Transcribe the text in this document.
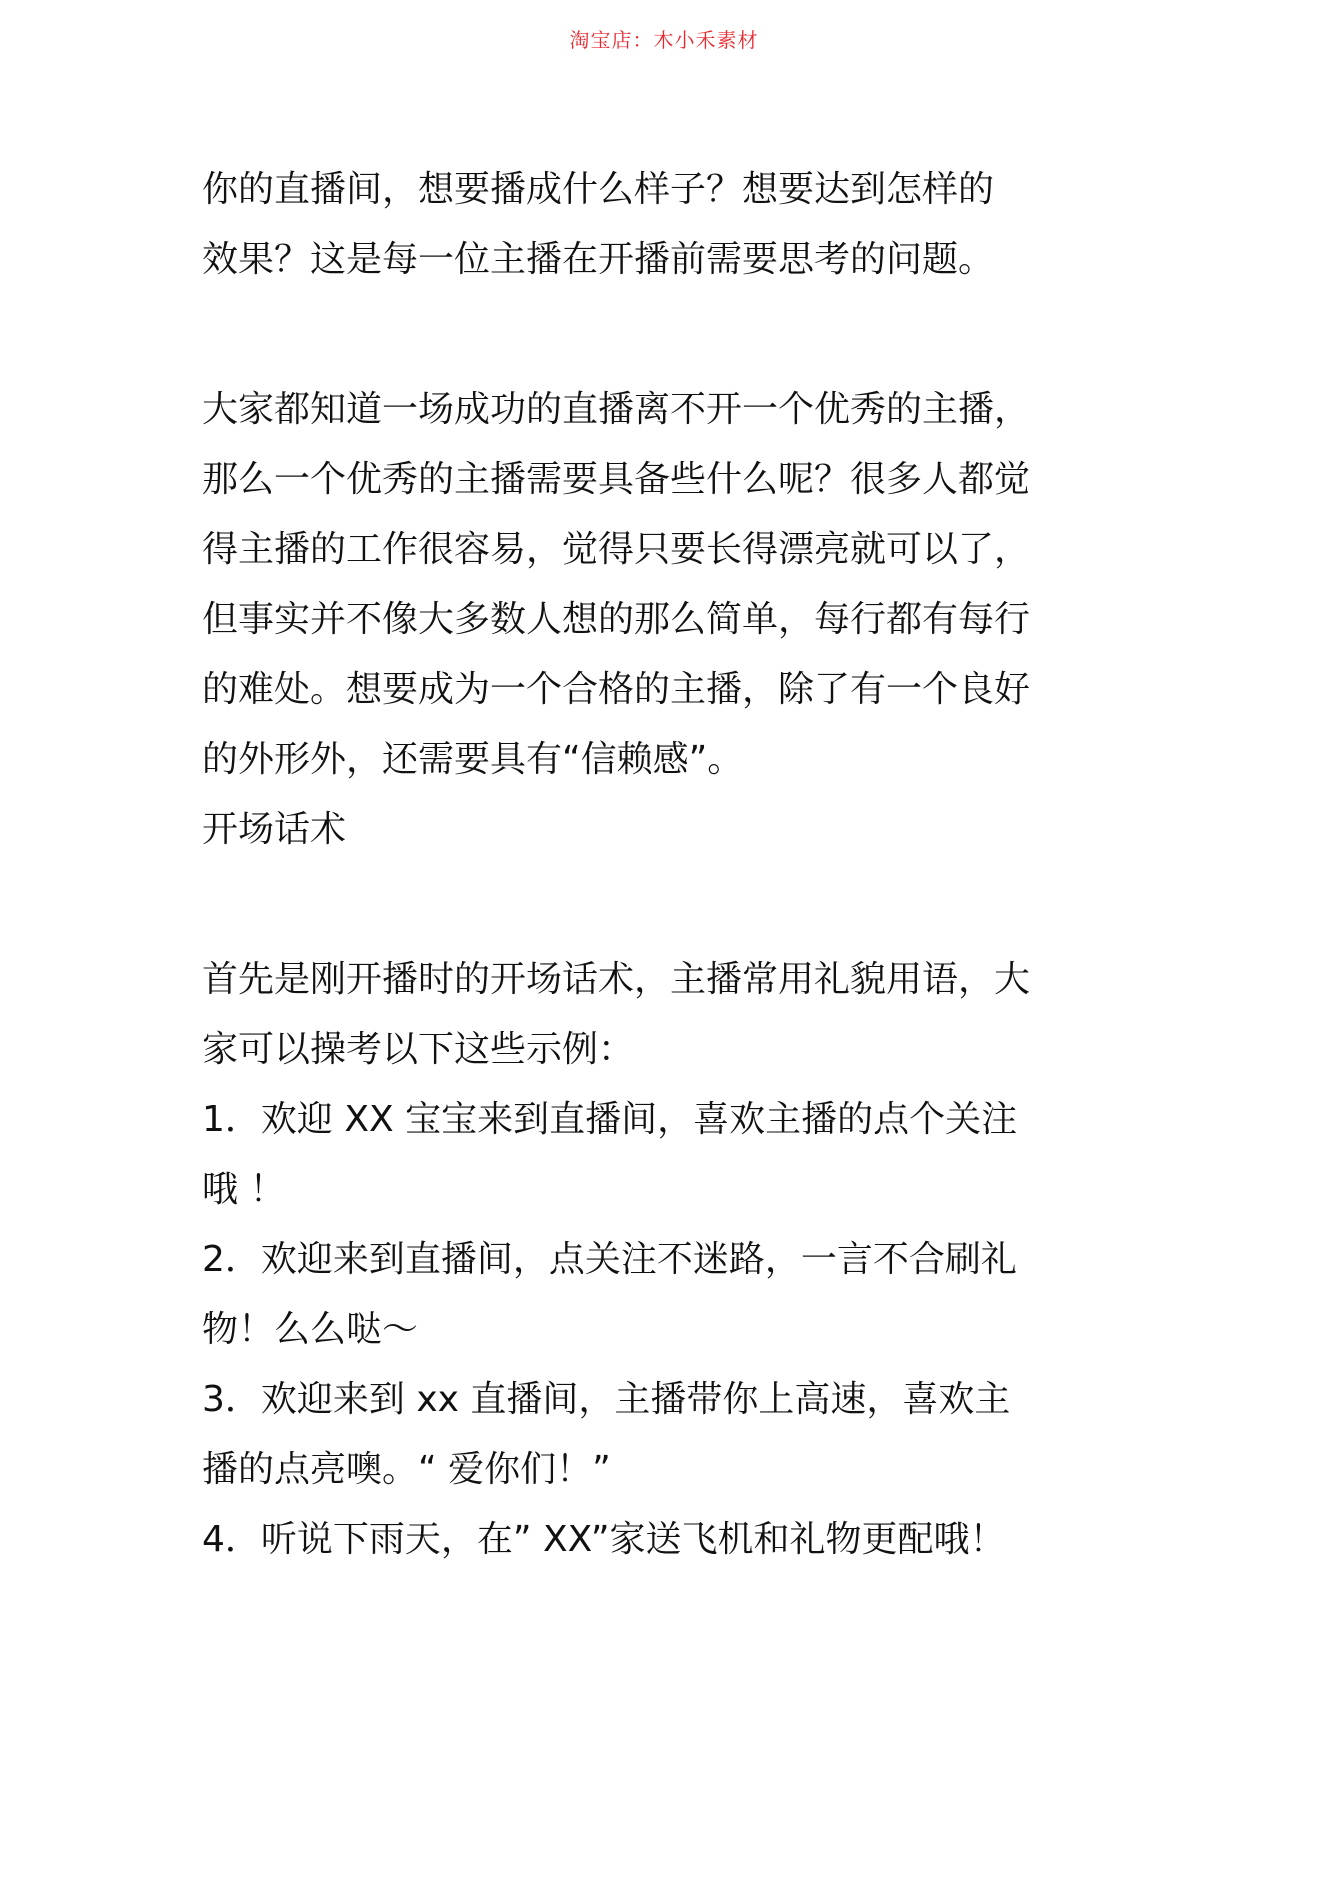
淘宝店：木小禾素材

你的直播间，想要播成什么样子？想要达到怎样的

效果？这是每一位主播在开播前需要思考的问题。

大家都知道一场成功的直播离不开一个优秀的主播，

那么一个优秀的主播需要具备些什么呢？很多人都觉

得主播的工作很容易，觉得只要长得漂亮就可以了，

但事实并不像大多数人想的那么简单，每行都有每行

的难处。想要成为一个合格的主播，除了有一个良好

的外形外，还需要具有“信赖感”。

开场话术

首先是刚开播时的开场话术，主播常用礼貌用语，大

家可以操考以下这些示例：

1．欢迎 XX 宝宝来到直播间，喜欢主播的点个关注

哦 ！

2．欢迎来到直播间，点关注不迷路，一言不合刷礼

物！么么哒～

3．欢迎来到 xx 直播间，主播带你上高速，喜欢主

播的点亮噢。“ 爱你们！”

4．听说下雨天，在” XX”家送飞机和礼物更配哦！
